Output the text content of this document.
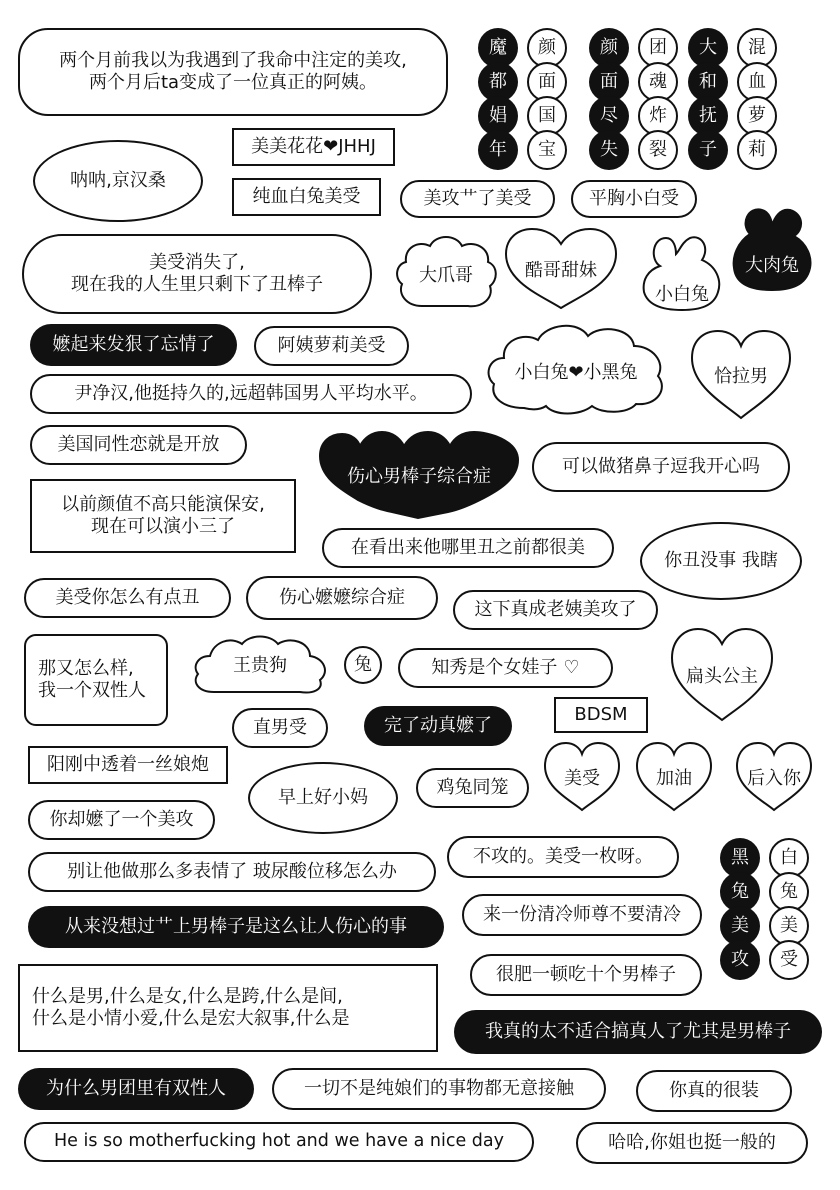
两个月前我以为我遇到了我命中注定的美攻,
两个月后ta变成了一位真正的阿姨。
魔
都
娼
年
颜
面
国
宝
颜
面
尽
失
团
魂
炸
裂
大
和
抚
子
混
血
萝
莉
黑
兔
美
攻
白
兔
美
受
呐呐,京汉桑
美美花花❤JHHJ
纯血白兔美受	美攻艹了美受	平胸小白受
美受消失了,
现在我的人生里只剩下了丑棒子	大爪哥	酷哥甜妹
小白兔
大肉兔
嬷起来发狠了忘情了	阿姨萝莉美受
小白兔❤小黑兔	恰拉男
尹净汉,他挺持久的,远超韩国男人平均水平。
美国同性恋就是开放
伤心男棒子综合症	可以做猪鼻子逗我开心吗
以前颜值不高只能演保安,
现在可以演小三了
在看出来他哪里丑之前都很美
你丑没事 我瞎
美受你怎么有点丑	伤心嬷嬷综合症
这下真成老姨美攻了
那又怎么样,
我一个双性人
王贵狗	兔	知秀是个女娃子 ♡	扁头公主
直男受	完了动真嬷了
BDSM
阳刚中透着一丝娘炮
早上好小妈	鸡兔同笼	美受	加油	后入你
你却嬷了一个美攻
不攻的。美受一枚呀。
别让他做那么多表情了 玻尿酸位移怎么办
从来没想过艹上男棒子是这么让人伤心的事
来一份清冷师尊不要清冷
很肥一顿吃十个男棒子
什么是男,什么是女,什么是跨,什么是间,
什么是小情小爱,什么是宏大叙事,什么是
我真的太不适合搞真人了尤其是男棒子
为什么男团里有双性人	一切不是纯娘们的事物都无意接触	你真的很装
He is so motherfucking hot and we have a nice day	哈哈,你姐也挺一般的
